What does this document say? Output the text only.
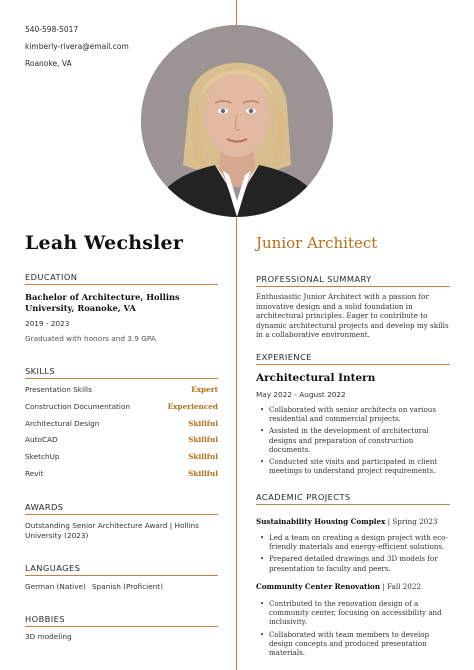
540-598-5017
kimberly-rivera@email.com
Roanoke, VA
Leah Wechsler	Junior Architect
EDUCATION
Bachelor of Architecture, Hollins University, Roanoke, VA
2019 - 2023
Graduated with honors and 3.9 GPA
SKILLS
Presentation Skills	Expert
Construction Documentation	Experienced
Architectural Design	Skillful
AutoCAD	Skillful
SketchUp	Skillful
Revit	Skillful
AWARDS
Outstanding Senior Architecture Award | Hollins University (2023)
LANGUAGES
German (Native) Spanish (Proficient)
HOBBIES
3D modeling
PROFESSIONAL SUMMARY
Enthusiastic Junior Architect with a passion for innovative design and a solid foundation in architectural principles. Eager to contribute to dynamic architectural projects and develop my skills in a collaborative environment.
EXPERIENCE
Architectural Intern
May 2022 - August 2022
• Collaborated with senior architects on various residential and commercial projects.
• Assisted in the development of architectural designs and preparation of construction documents.
• Conducted site visits and participated in client meetings to understand project requirements.
ACADEMIC PROJECTS
Sustainability Housing Complex | Spring 2023
• Led a team on creating a design project with eco-friendly materials and energy-efficient solutions.
• Prepared detailed drawings and 3D models for presentation to faculty and peers.
Community Center Renovation | Fall 2022
• Contributed to the renovation design of a community center, focusing on accessibility and inclusivity.
• Collaborated with team members to develop design concepts and produced presentation materials.
